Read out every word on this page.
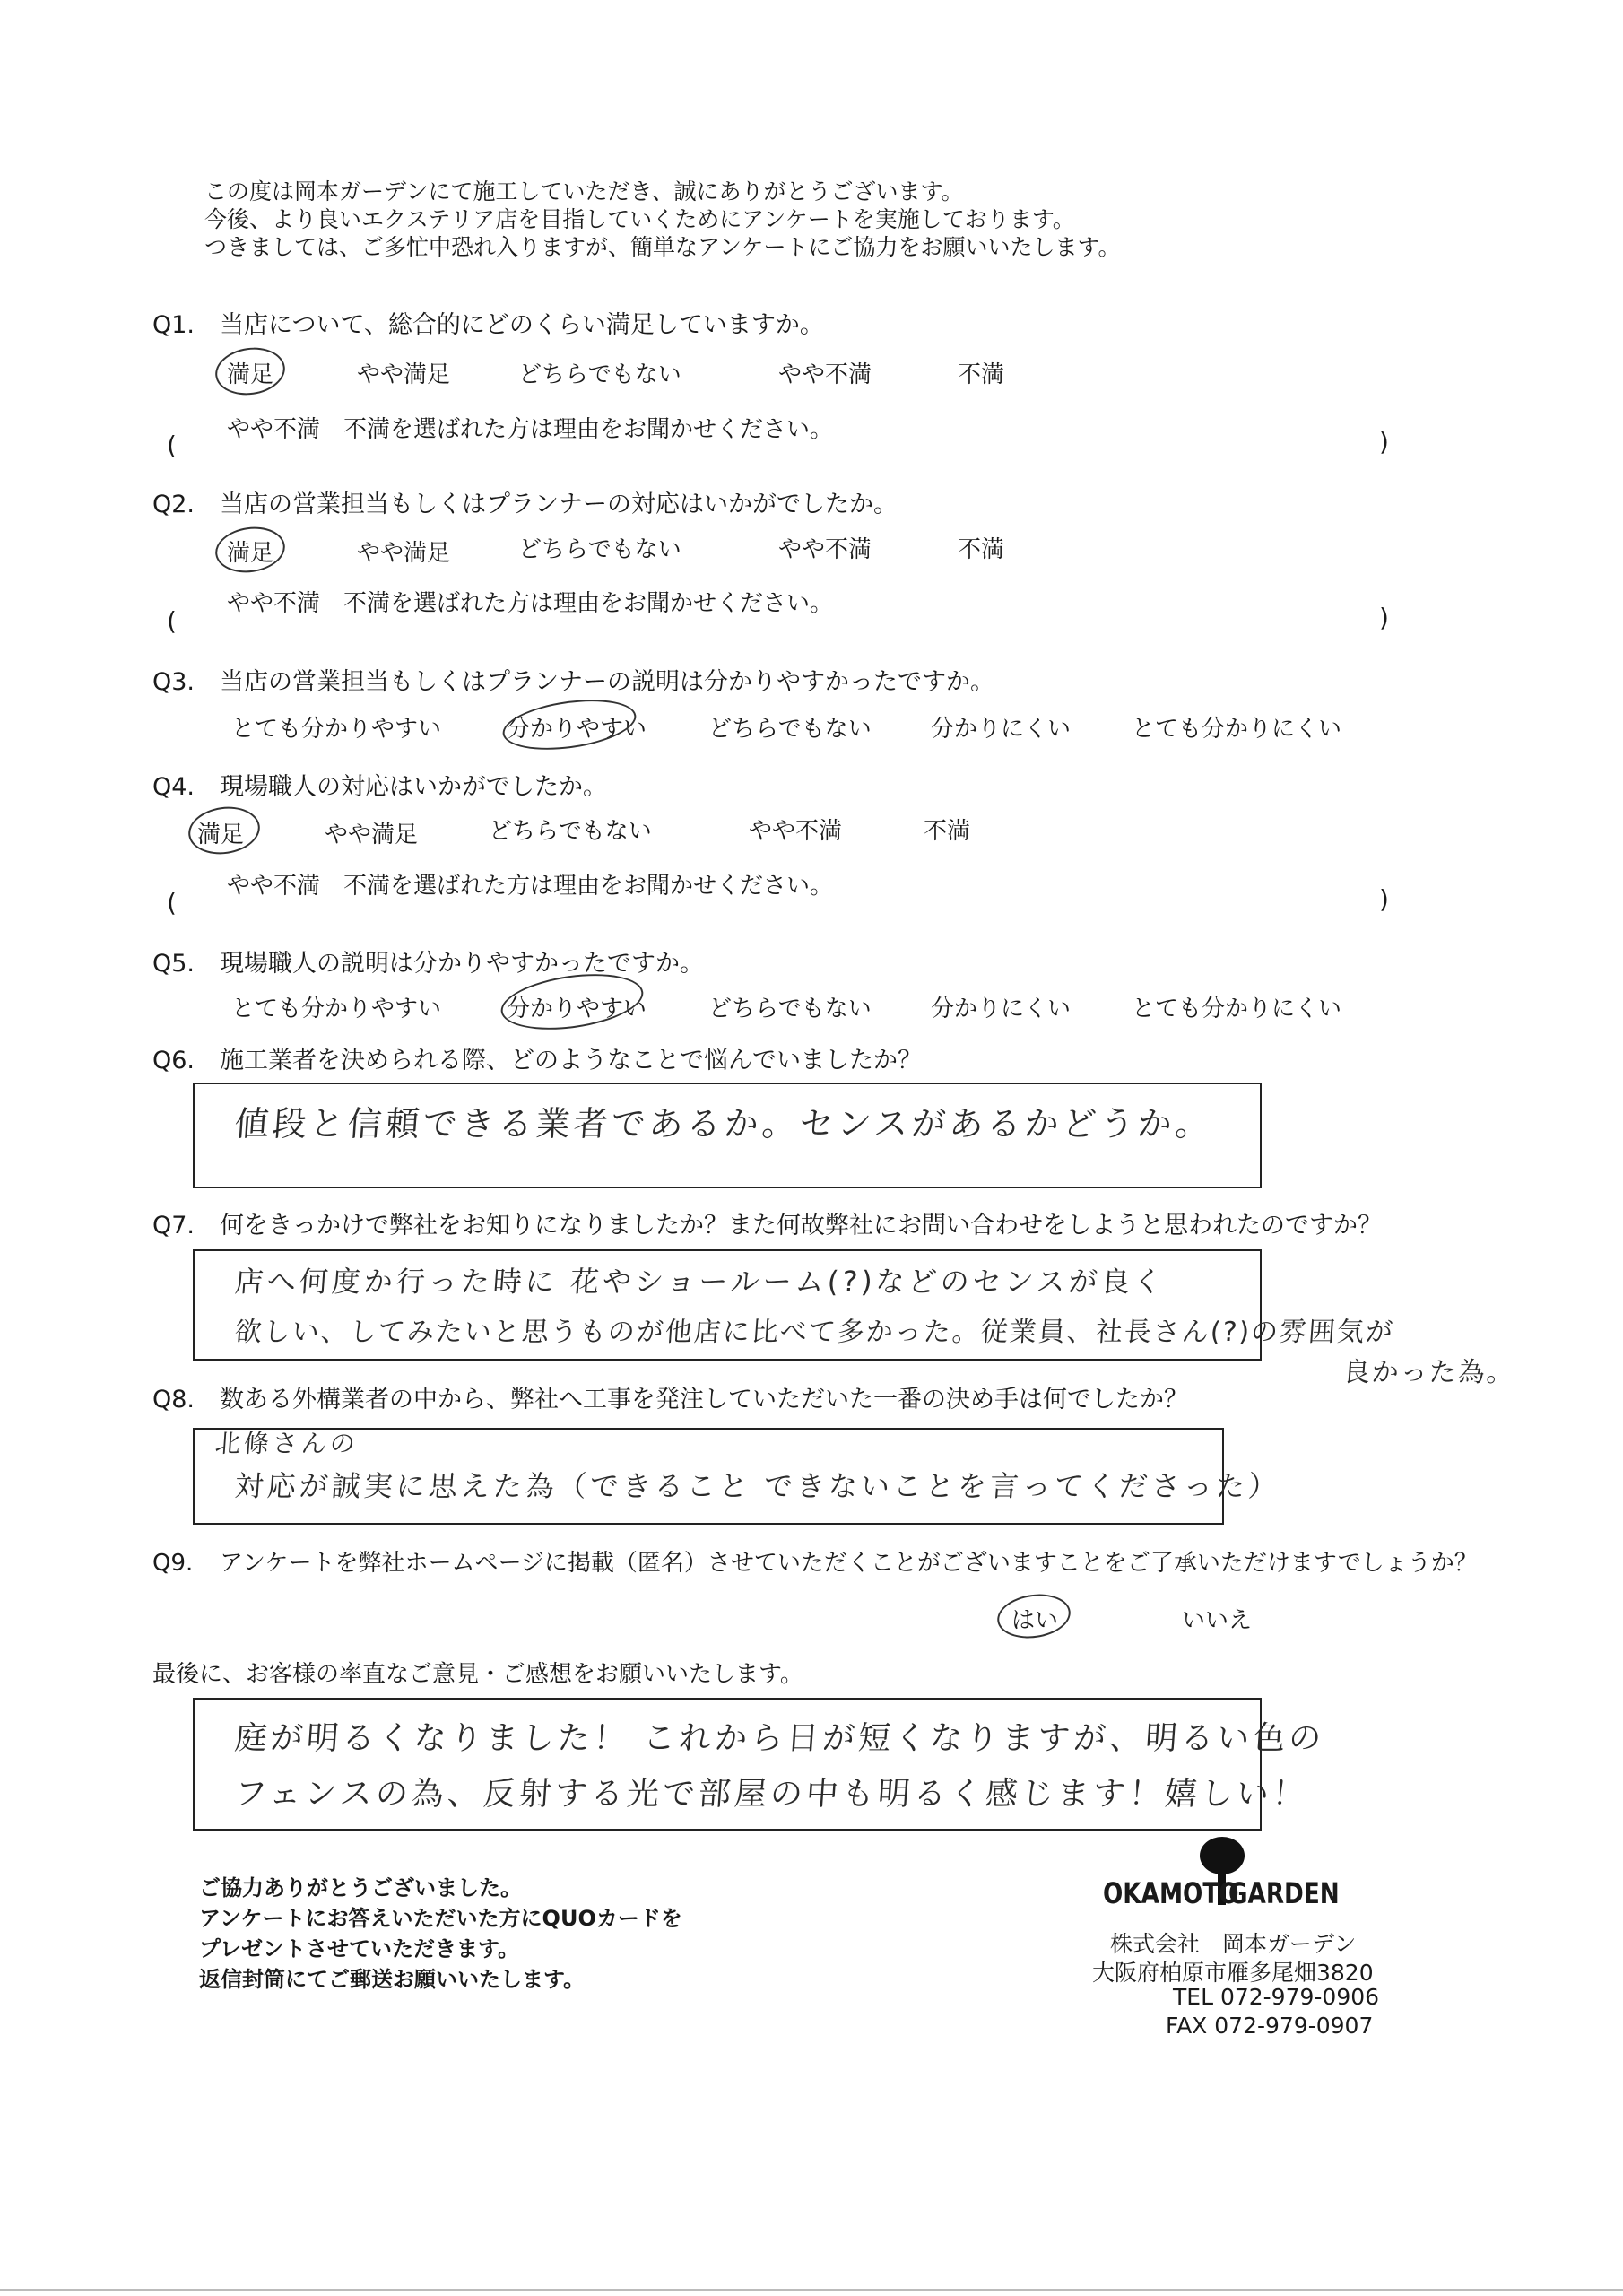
この度は岡本ガーデンにて施工していただき、誠にありがとうございます。
今後、より良いエクステリア店を目指していくためにアンケートを実施しております。
つきましては、ご多忙中恐れ入りますが、簡単なアンケートにご協力をお願いいたします。
Q1. 当店について、総合的にどのくらい満足していますか。
満足	やや満足	どちらでもない	やや不満	不満
やや不満　不満を選ばれた方は理由をお聞かせください。
(	)
Q2. 当店の営業担当もしくはプランナーの対応はいかがでしたか。
満足	やや満足	どちらでもない	やや不満	不満
やや不満　不満を選ばれた方は理由をお聞かせください。
(	)
Q3. 当店の営業担当もしくはプランナーの説明は分かりやすかったですか。
とても分かりやすい	分かりやすい	どちらでもない	分かりにくい	とても分かりにくい
Q4. 現場職人の対応はいかがでしたか。
満足	やや満足	どちらでもない	やや不満	不満
やや不満　不満を選ばれた方は理由をお聞かせください。
(	)
Q5. 現場職人の説明は分かりやすかったですか。
とても分かりやすい	分かりやすい	どちらでもない	分かりにくい	とても分かりにくい
Q6. 施工業者を決められる際、どのようなことで悩んでいましたか？
値段と信頼できる業者であるか。センスがあるかどうか。
Q7. 何をきっかけで弊社をお知りになりましたか？また何故弊社にお問い合わせをしようと思われたのですか？
店へ何度か行った時に 花やショールーム(?)などのセンスが良く
欲しい、してみたいと思うものが他店に比べて多かった。従業員、社長さん(?)の雰囲気が
良かった為。
Q8. 数ある外構業者の中から、弊社へ工事を発注していただいた一番の決め手は何でしたか？
北條さんの
対応が誠実に思えた為（できること できないことを言ってくださった）
Q9. アンケートを弊社ホームページに掲載（匿名）させていただくことがございますことをご了承いただけますでしょうか？
はい	いいえ
最後に、お客様の率直なご意見・ご感想をお願いいたします。
庭が明るくなりました！ これから日が短くなりますが、明るい色の
フェンスの為、反射する光で部屋の中も明るく感じます！嬉しい！
ご協力ありがとうございました。
アンケートにお答えいただいた方にQUOカードを
プレゼントさせていただきます。
返信封筒にてご郵送お願いいたします。
OKAMOTO
GARDEN
株式会社　岡本ガーデン
大阪府柏原市雁多尾畑3820
TEL 072-979-0906
FAX 072-979-0907
